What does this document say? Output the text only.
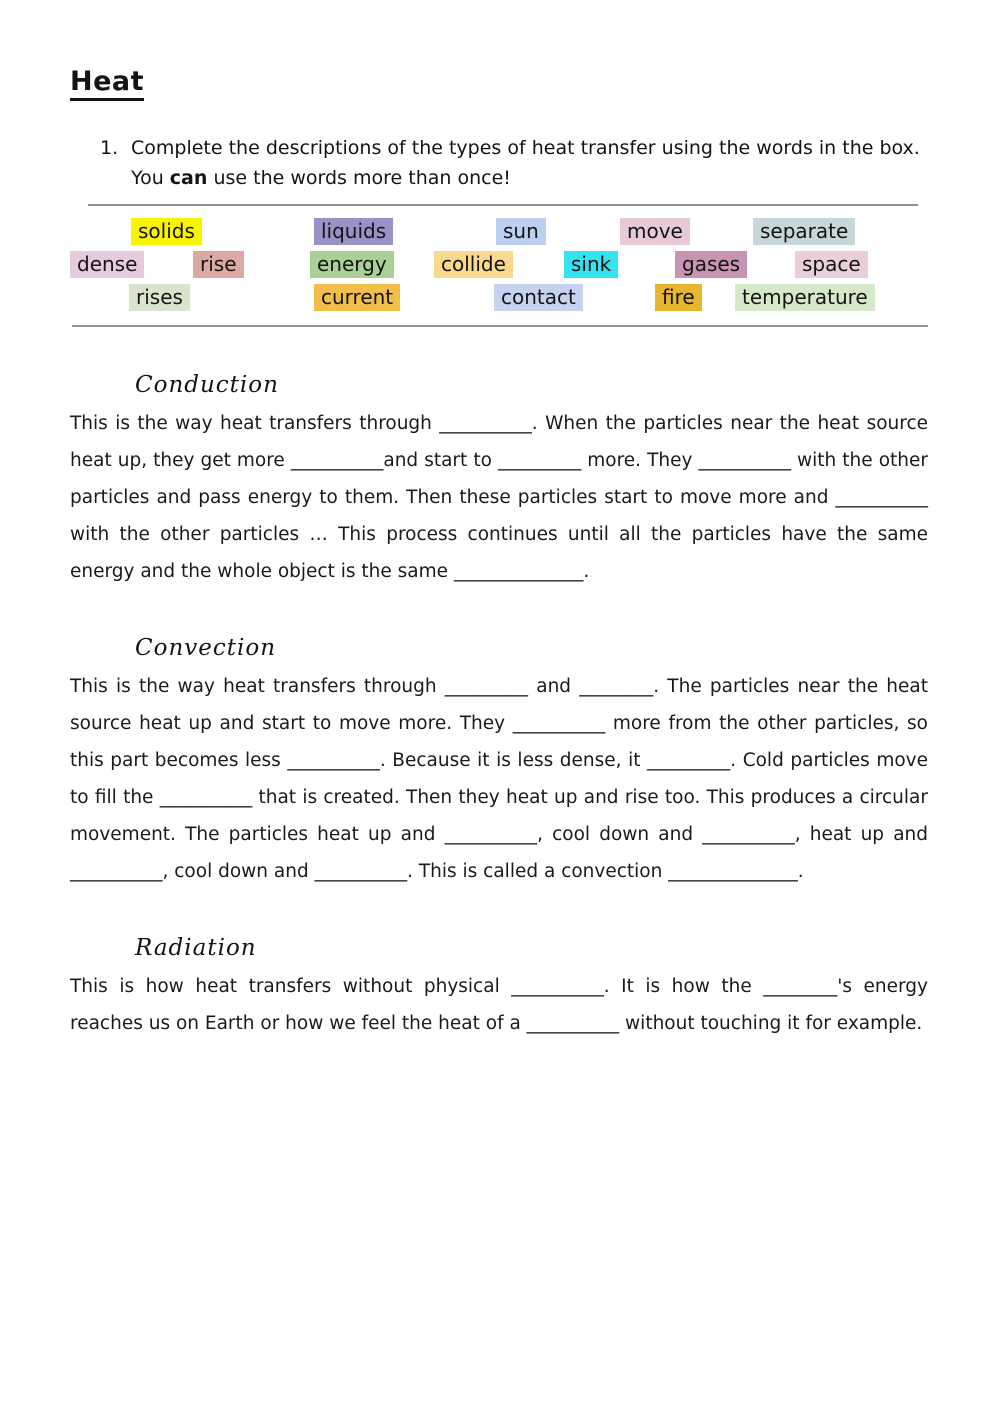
Heat
1. Complete the descriptions of the types of heat transfer using the words in the box.
You can use the words more than once!
solids	liquids	sun	move	separate
dense	rise	energy	collide	sink	gases	space
rises	current	contact	fire	temperature
Conduction

This is the way heat transfers through __________. When the particles near the heat source heat up, they get more __________and start to _________ more. They __________ with the other particles and pass energy to them. Then these particles start to move more and __________ with the other particles … This process continues until all the particles have the same energy and the whole object is the same ______________.

Convection

This is the way heat transfers through _________ and ________. The particles near the heat source heat up and start to move more. They __________ more from the other particles, so this part becomes less __________. Because it is less dense, it _________. Cold particles move to fill the __________ that is created. Then they heat up and rise too. This produces a circular movement. The particles heat up and __________, cool down and __________, heat up and __________, cool down and __________. This is called a convection ______________.

Radiation

This is how heat transfers without physical __________. It is how the ________'s energy reaches us on Earth or how we feel the heat of a __________ without touching it for example.
